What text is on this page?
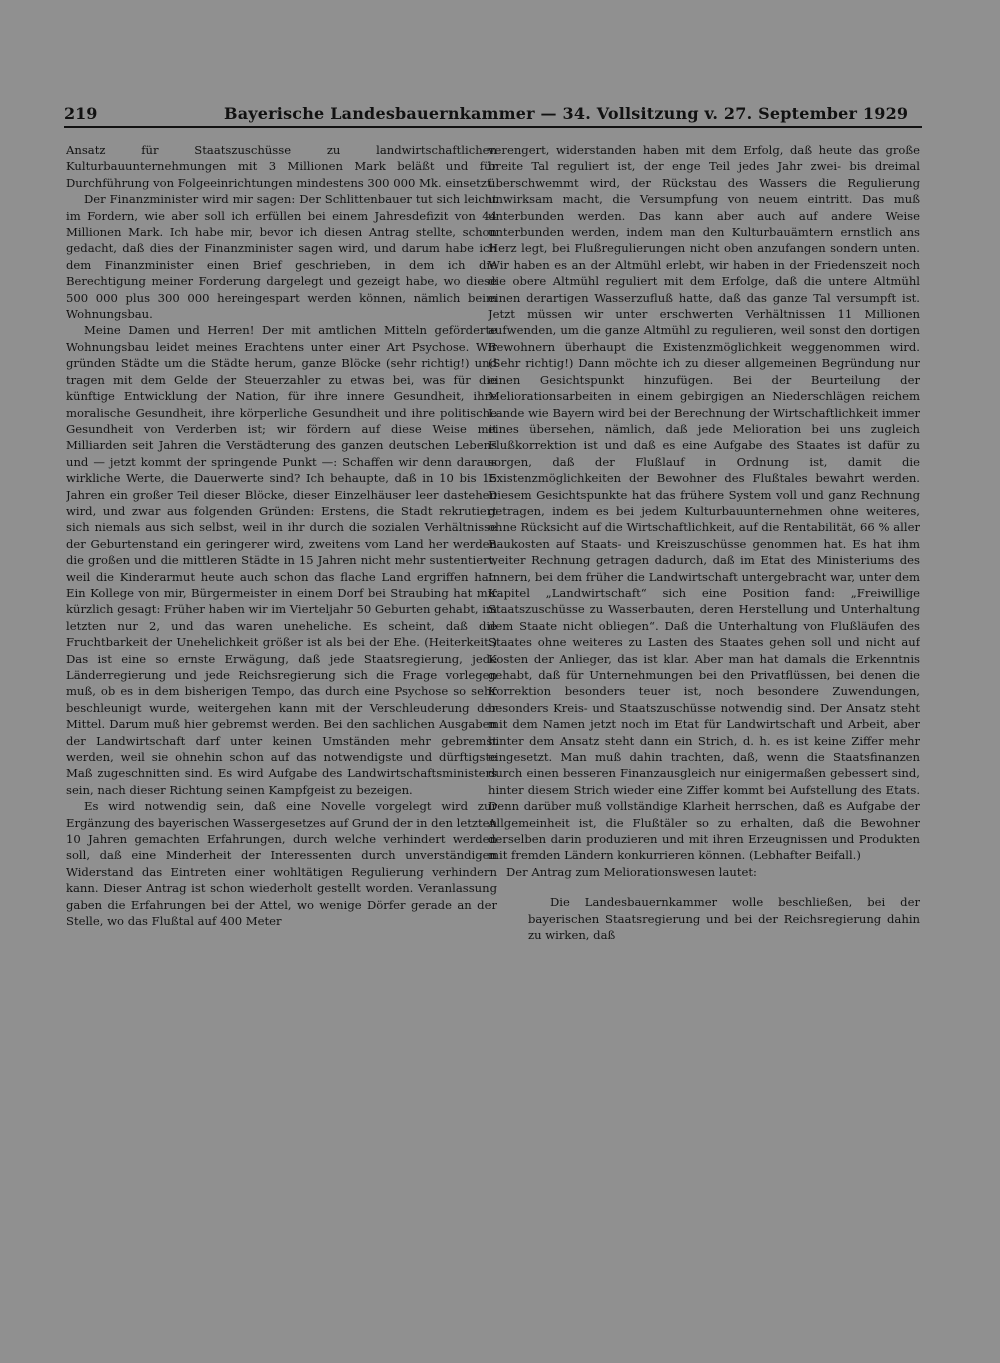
219	Bayerische Landesbauernkammer — 34. Vollsitzung v. 27. September 1929

Ansatz für Staatszuschüsse zu landwirtschaftlichen Kulturbauunternehmungen mit 3 Millionen Mark beläßt und für Durchführung von Folgeeinrichtungen mindestens 300 000 Mk. einsetzt.

Der Finanzminister wird mir sagen: Der Schlittenbauer tut sich leicht im Fordern, wie aber soll ich erfüllen bei einem Jahresdefizit von 44 Millionen Mark. Ich habe mir, bevor ich diesen Antrag stellte, schon gedacht, daß dies der Finanzminister sagen wird, und darum habe ich dem Finanzminister einen Brief geschrieben, in dem ich die Berechtigung meiner Forderung dargelegt und gezeigt habe, wo diese 500 000 plus 300 000 hereingespart werden können, nämlich beim Wohnungsbau.

Meine Damen und Herren! Der mit amtlichen Mitteln geförderte Wohnungsbau leidet meines Erachtens unter einer Art Psychose. Wir gründen Städte um die Städte herum, ganze Blöcke (sehr richtig!) und tragen mit dem Gelde der Steuerzahler zu etwas bei, was für die künftige Entwicklung der Nation, für ihre innere Gesundheit, ihre moralische Gesundheit, ihre körperliche Gesundheit und ihre politische Gesundheit von Verderben ist; wir fördern auf diese Weise mit Milliarden seit Jahren die Verstädterung des ganzen deutschen Lebens und — jetzt kommt der springende Punkt —: Schaffen wir denn daraus wirkliche Werte, die Dauerwerte sind? Ich behaupte, daß in 10 bis 15 Jahren ein großer Teil dieser Blöcke, dieser Einzelhäuser leer dastehen wird, und zwar aus folgenden Gründen: Erstens, die Stadt rekrutiert sich niemals aus sich selbst, weil in ihr durch die sozialen Verhältnisse der Geburtenstand ein geringerer wird, zweitens vom Land her werden die großen und die mittleren Städte in 15 Jahren nicht mehr sustentiert, weil die Kinderarmut heute auch schon das flache Land ergriffen hat. Ein Kollege von mir, Bürgermeister in einem Dorf bei Straubing hat mir kürzlich gesagt: Früher haben wir im Vierteljahr 50 Geburten gehabt, im letzten nur 2, und das waren uneheliche. Es scheint, daß die Fruchtbarkeit der Unehelichkeit größer ist als bei der Ehe. (Heiterkeit.) Das ist eine so ernste Erwägung, daß jede Staatsregierung, jede Länderregierung und jede Reichsregierung sich die Frage vorlegen muß, ob es in dem bisherigen Tempo, das durch eine Psychose so sehr beschleunigt wurde, weitergehen kann mit der Verschleuderung der Mittel. Darum muß hier gebremst werden. Bei den sachlichen Ausgaben der Landwirtschaft darf unter keinen Umständen mehr gebremst werden, weil sie ohnehin schon auf das notwendigste und dürftigste Maß zugeschnitten sind. Es wird Aufgabe des Landwirtschaftsministers sein, nach dieser Richtung seinen Kampfgeist zu bezeigen.

Es wird notwendig sein, daß eine Novelle vorgelegt wird zur Ergänzung des bayerischen Wassergesetzes auf Grund der in den letzten 10 Jahren gemachten Erfahrungen, durch welche verhindert werden soll, daß eine Minderheit der Interessenten durch unverständigen Widerstand das Eintreten einer wohltätigen Regulierung verhindern kann. Dieser Antrag ist schon wiederholt gestellt worden. Veranlassung gaben die Erfahrungen bei der Attel, wo wenige Dörfer gerade an der Stelle, wo das Flußtal auf 400 Meter

verengert, widerstanden haben mit dem Erfolg, daß heute das große breite Tal reguliert ist, der enge Teil jedes Jahr zwei- bis dreimal überschwemmt wird, der Rückstau des Wassers die Regulierung unwirksam macht, die Versumpfung von neuem eintritt. Das muß unterbunden werden. Das kann aber auch auf andere Weise unterbunden werden, indem man den Kulturbauämtern ernstlich ans Herz legt, bei Flußregulierungen nicht oben anzufangen sondern unten. Wir haben es an der Altmühl erlebt, wir haben in der Friedenszeit noch die obere Altmühl reguliert mit dem Erfolge, daß die untere Altmühl einen derartigen Wasserzufluß hatte, daß das ganze Tal versumpft ist. Jetzt müssen wir unter erschwerten Verhältnissen 11 Millionen aufwenden, um die ganze Altmühl zu regulieren, weil sonst den dortigen Bewohnern überhaupt die Existenzmöglichkeit weggenommen wird. (Sehr richtig!) Dann möchte ich zu dieser allgemeinen Begründung nur einen Gesichtspunkt hinzufügen. Bei der Beurteilung der Meliorationsarbeiten in einem gebirgigen an Niederschlägen reichem Lande wie Bayern wird bei der Berechnung der Wirtschaftlichkeit immer eines übersehen, nämlich, daß jede Melioration bei uns zugleich Flußkorrektion ist und daß es eine Aufgabe des Staates ist dafür zu sorgen, daß der Flußlauf in Ordnung ist, damit die Existenzmöglichkeiten der Bewohner des Flußtales bewahrt werden. Diesem Gesichtspunkte hat das frühere System voll und ganz Rechnung getragen, indem es bei jedem Kulturbauunternehmen ohne weiteres, ohne Rücksicht auf die Wirtschaftlichkeit, auf die Rentabilität, 66 % aller Baukosten auf Staats- und Kreiszuschüsse genommen hat. Es hat ihm weiter Rechnung getragen dadurch, daß im Etat des Ministeriums des Innern, bei dem früher die Landwirtschaft untergebracht war, unter dem Kapitel „Landwirtschaft“ sich eine Position fand: „Freiwillige Staatszuschüsse zu Wasserbauten, deren Herstellung und Unterhaltung dem Staate nicht obliegen“. Daß die Unterhaltung von Flußläufen des Staates ohne weiteres zu Lasten des Staates gehen soll und nicht auf Kosten der Anlieger, das ist klar. Aber man hat damals die Erkenntnis gehabt, daß für Unternehmungen bei den Privatflüssen, bei denen die Korrektion besonders teuer ist, noch besondere Zuwendungen, besonders Kreis- und Staatszuschüsse notwendig sind. Der Ansatz steht mit dem Namen jetzt noch im Etat für Landwirtschaft und Arbeit, aber hinter dem Ansatz steht dann ein Strich, d. h. es ist keine Ziffer mehr eingesetzt. Man muß dahin trachten, daß, wenn die Staatsfinanzen durch einen besseren Finanzausgleich nur einigermaßen gebessert sind, hinter diesem Strich wieder eine Ziffer kommt bei Aufstellung des Etats. Denn darüber muß vollständige Klarheit herrschen, daß es Aufgabe der Allgemeinheit ist, die Flußtäler so zu erhalten, daß die Bewohner derselben darin produzieren und mit ihren Erzeugnissen und Produkten mit fremden Ländern konkurrieren können. (Lebhafter Beifall.)

Der Antrag zum Meliorationswesen lautet:

Die Landesbauernkammer wolle beschließen, bei der bayerischen Staatsregierung und bei der Reichsregierung dahin zu wirken, daß
